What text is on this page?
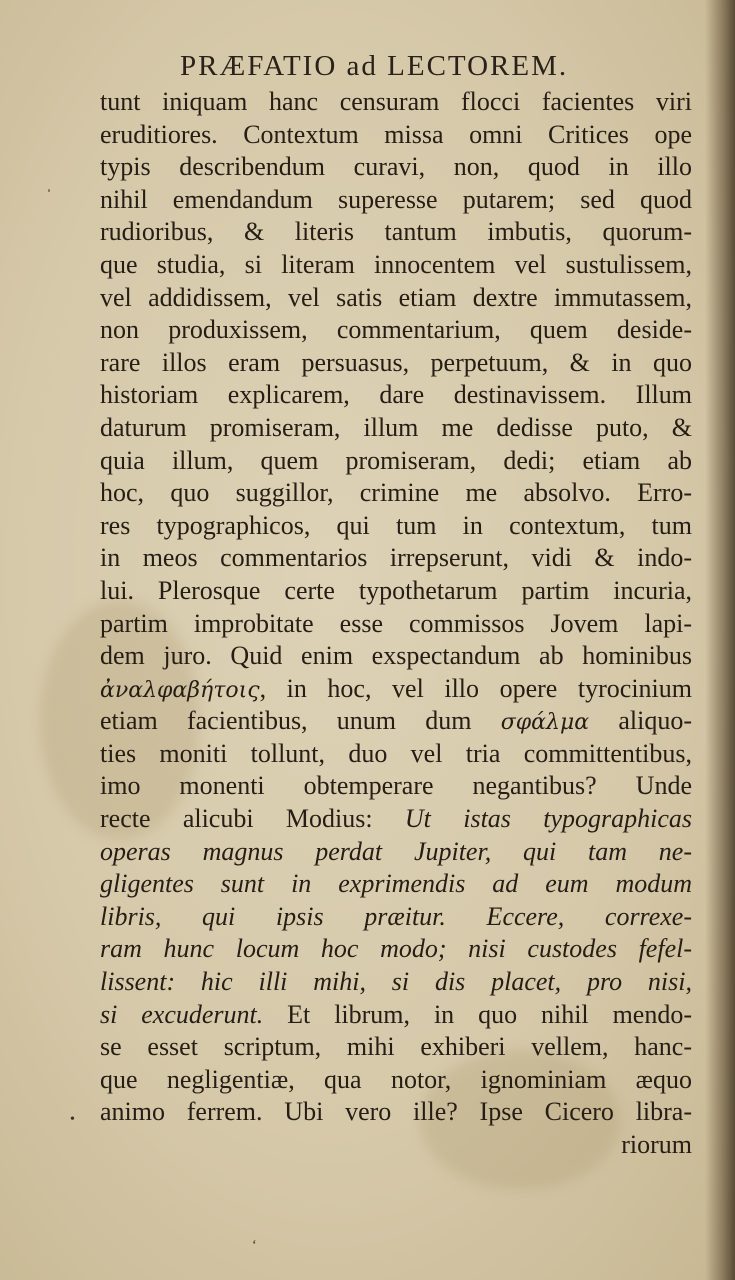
PRÆFATIO ad LECTOREM.
tunt iniquam hanc censuram flocci facientes viri
eruditiores. Contextum missa omni Critices ope
typis describendum curavi, non, quod in illo
nihil emendandum superesse putarem; sed quod
rudioribus, & literis tantum imbutis, quorum-
que studia, si literam innocentem vel sustulissem,
vel addidissem, vel satis etiam dextre immutassem,
non produxissem, commentarium, quem deside-
rare illos eram persuasus, perpetuum, & in quo
historiam explicarem, dare destinavissem. Illum
daturum promiseram, illum me dedisse puto, &
quia illum, quem promiseram, dedi; etiam ab
hoc, quo suggillor, crimine me absolvo. Erro-
res typographicos, qui tum in contextum, tum
in meos commentarios irrepserunt, vidi & indo-
lui. Plerosque certe typothetarum partim incuria,
partim improbitate esse commissos Jovem lapi-
dem juro. Quid enim exspectandum ab hominibus
ἀναλφαβήτοις, in hoc, vel illo opere tyrocinium
etiam facientibus, unum dum σφάλμα aliquo-
ties moniti tollunt, duo vel tria committentibus,
imo monenti obtemperare negantibus? Unde
recte alicubi Modius: Ut istas typographicas
operas magnus perdat Jupiter, qui tam ne-
gligentes sunt in exprimendis ad eum modum
libris, qui ipsis præitur. Eccere, correxe-
ram hunc locum hoc modo; nisi custodes fefel-
lissent: hic illi mihi, si dis placet, pro nisi,
si excuderunt. Et librum, in quo nihil mendo-
se esset scriptum, mihi exhiberi vellem, hanc-
que negligentiæ, qua notor, ignominiam æquo
animo ferrem. Ubi vero ille? Ipse Cicero libra-
riorum
ˌ
•
ʻ
